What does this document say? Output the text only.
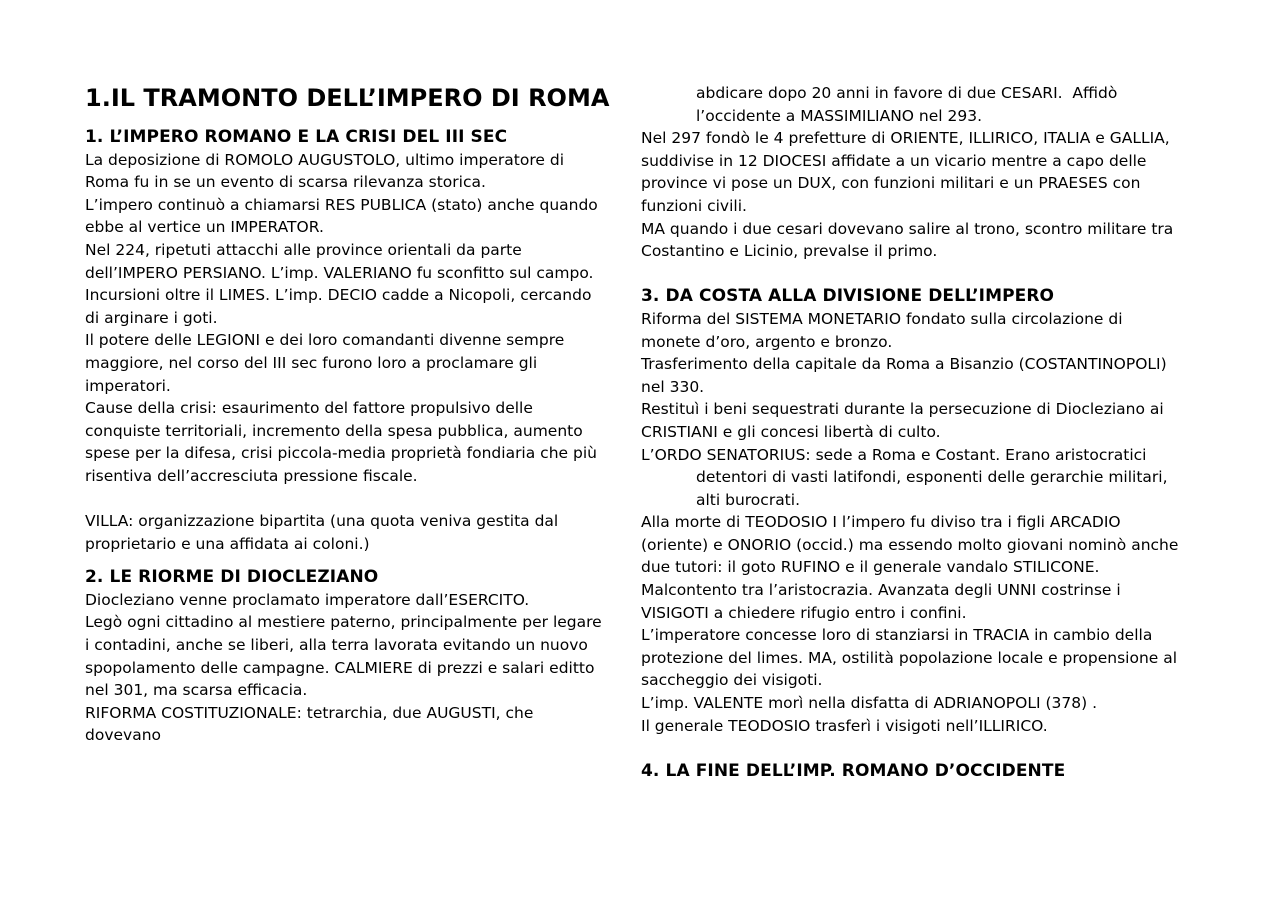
1.IL TRAMONTO DELL’IMPERO DI ROMA
1. L’IMPERO ROMANO E LA CRISI DEL III SEC

La deposizione di ROMOLO AUGUSTOLO, ultimo imperatore di Roma fu in se un evento di scarsa rilevanza storica.

L’impero continuò a chiamarsi RES PUBLICA (stato) anche quando ebbe al vertice un IMPERATOR.

Nel 224, ripetuti attacchi alle province orientali da parte dell’IMPERO PERSIANO. L’imp. VALERIANO fu sconfitto sul campo. Incursioni oltre il LIMES. L’imp. DECIO cadde a Nicopoli, cercando di arginare i goti.

Il potere delle LEGIONI e dei loro comandanti divenne sempre maggiore, nel corso del III sec furono loro a proclamare gli imperatori.

Cause della crisi: esaurimento del fattore propulsivo delle conquiste territoriali, incremento della spesa pubblica, aumento spese per la difesa, crisi piccola-media proprietà fondiaria che più risentiva dell’accresciuta pressione fiscale.

VILLA: organizzazione bipartita (una quota veniva gestita dal proprietario e una affidata ai coloni.)

2. LE RIORME DI DIOCLEZIANO

Diocleziano venne proclamato imperatore dall’ESERCITO.

Legò ogni cittadino al mestiere paterno, principalmente per legare i contadini, anche se liberi, alla terra lavorata evitando un nuovo spopolamento delle campagne. CALMIERE di prezzi e salari editto nel 301, ma scarsa efficacia.

RIFORMA COSTITUZIONALE: tetrarchia, due AUGUSTI, che dovevano

abdicare dopo 20 anni in favore di due CESARI.  Affidò l’occidente a MASSIMILIANO nel 293.

Nel 297 fondò le 4 prefetture di ORIENTE, ILLIRICO, ITALIA e GALLIA, suddivise in 12 DIOCESI affidate a un vicario mentre a capo delle province vi pose un DUX, con funzioni militari e un PRAESES con funzioni civili.

MA quando i due cesari dovevano salire al trono, scontro militare tra Costantino e Licinio, prevalse il primo.

3. DA COSTA ALLA DIVISIONE DELL’IMPERO

Riforma del SISTEMA MONETARIO fondato sulla circolazione di monete d’oro, argento e bronzo.

Trasferimento della capitale da Roma a Bisanzio (COSTANTINOPOLI) nel 330.

Restituì i beni sequestrati durante la persecuzione di Diocleziano ai CRISTIANI e gli concesi libertà di culto.

L’ORDO SENATORIUS: sede a Roma e Costant. Erano aristocratici

detentori di vasti latifondi, esponenti delle gerarchie militari, alti burocrati.

Alla morte di TEODOSIO I l’impero fu diviso tra i figli ARCADIO (oriente) e ONORIO (occid.) ma essendo molto giovani nominò anche due tutori: il goto RUFINO e il generale vandalo STILICONE. Malcontento tra l’aristocrazia. Avanzata degli UNNI costrinse i VISIGOTI a chiedere rifugio entro i confini.

L’imperatore concesse loro di stanziarsi in TRACIA in cambio della protezione del limes. MA, ostilità popolazione locale e propensione al saccheggio dei visigoti.

L’imp. VALENTE morì nella disfatta di ADRIANOPOLI (378) .

Il generale TEODOSIO trasferì i visigoti nell’ILLIRICO.

4. LA FINE DELL’IMP. ROMANO D’OCCIDENTE
